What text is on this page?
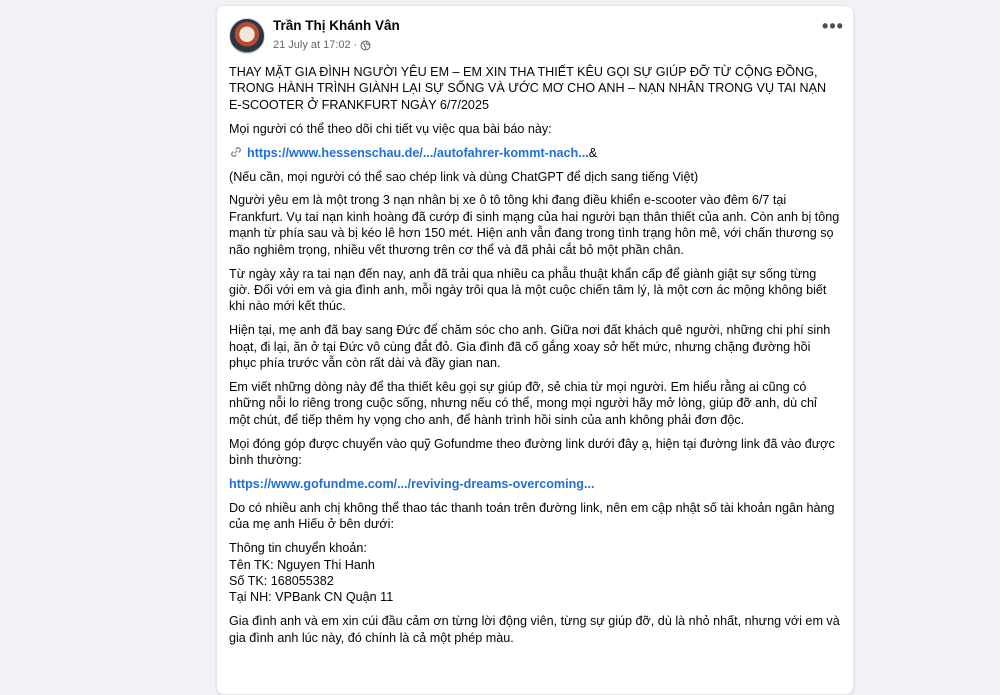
Trần Thị Khánh Vân
21 July at 17:02 ·
•••
THAY MẶT GIA ĐÌNH NGƯỜI YÊU EM – EM XIN THA THIẾT KÊU GỌI SỰ GIÚP ĐỠ TỪ CỘNG ĐỒNG, TRONG HÀNH TRÌNH GIÀNH LẠI SỰ SỐNG VÀ ƯỚC MƠ CHO ANH – NẠN NHÂN TRONG VỤ TAI NẠN E-SCOOTER Ở FRANKFURT NGÀY 6/7/2025
Mọi người có thể theo dõi chi tiết vụ việc qua bài báo này:
https://www.hessenschau.de/.../autofahrer-kommt-nach...&
(Nếu cần, mọi người có thể sao chép link và dùng ChatGPT để dịch sang tiếng Việt)
Người yêu em là một trong 3 nạn nhân bị xe ô tô tông khi đang điều khiển e-scooter vào đêm 6/7 tại Frankfurt. Vụ tai nạn kinh hoàng đã cướp đi sinh mạng của hai người bạn thân thiết của anh. Còn anh bị tông mạnh từ phía sau và bị kéo lê hơn 150 mét. Hiện anh vẫn đang trong tình trạng hôn mê, với chấn thương sọ não nghiêm trọng, nhiều vết thương trên cơ thể và đã phải cắt bỏ một phần chân.
Từ ngày xảy ra tai nạn đến nay, anh đã trải qua nhiều ca phẫu thuật khẩn cấp để giành giật sự sống từng giờ. Đối với em và gia đình anh, mỗi ngày trôi qua là một cuộc chiến tâm lý, là một cơn ác mộng không biết khi nào mới kết thúc.
Hiện tại, mẹ anh đã bay sang Đức để chăm sóc cho anh. Giữa nơi đất khách quê người, những chi phí sinh hoạt, đi lại, ăn ở tại Đức vô cùng đắt đỏ. Gia đình đã cố gắng xoay sở hết mức, nhưng chặng đường hồi phục phía trước vẫn còn rất dài và đầy gian nan.
Em viết những dòng này để tha thiết kêu gọi sự giúp đỡ, sẻ chia từ mọi người. Em hiểu rằng ai cũng có những nỗi lo riêng trong cuộc sống, nhưng nếu có thể, mong mọi người hãy mở lòng, giúp đỡ anh, dù chỉ một chút, để tiếp thêm hy vọng cho anh, để hành trình hồi sinh của anh không phải đơn độc.
Mọi đóng góp được chuyển vào quỹ Gofundme theo đường link dưới đây ạ, hiện tại đường link đã vào được bình thường:
https://www.gofundme.com/.../reviving-dreams-overcoming...
Do có nhiều anh chị không thể thao tác thanh toán trên đường link, nên em cập nhật số tài khoản ngân hàng của mẹ anh Hiếu ở bên dưới:
Thông tin chuyển khoản:
Tên TK: Nguyen Thi Hanh
Số TK: 168055382
Tại NH: VPBank CN Quận 11
Gia đình anh và em xin cúi đầu cảm ơn từng lời động viên, từng sự giúp đỡ, dù là nhỏ nhất, nhưng với em và gia đình anh lúc này, đó chính là cả một phép màu.
